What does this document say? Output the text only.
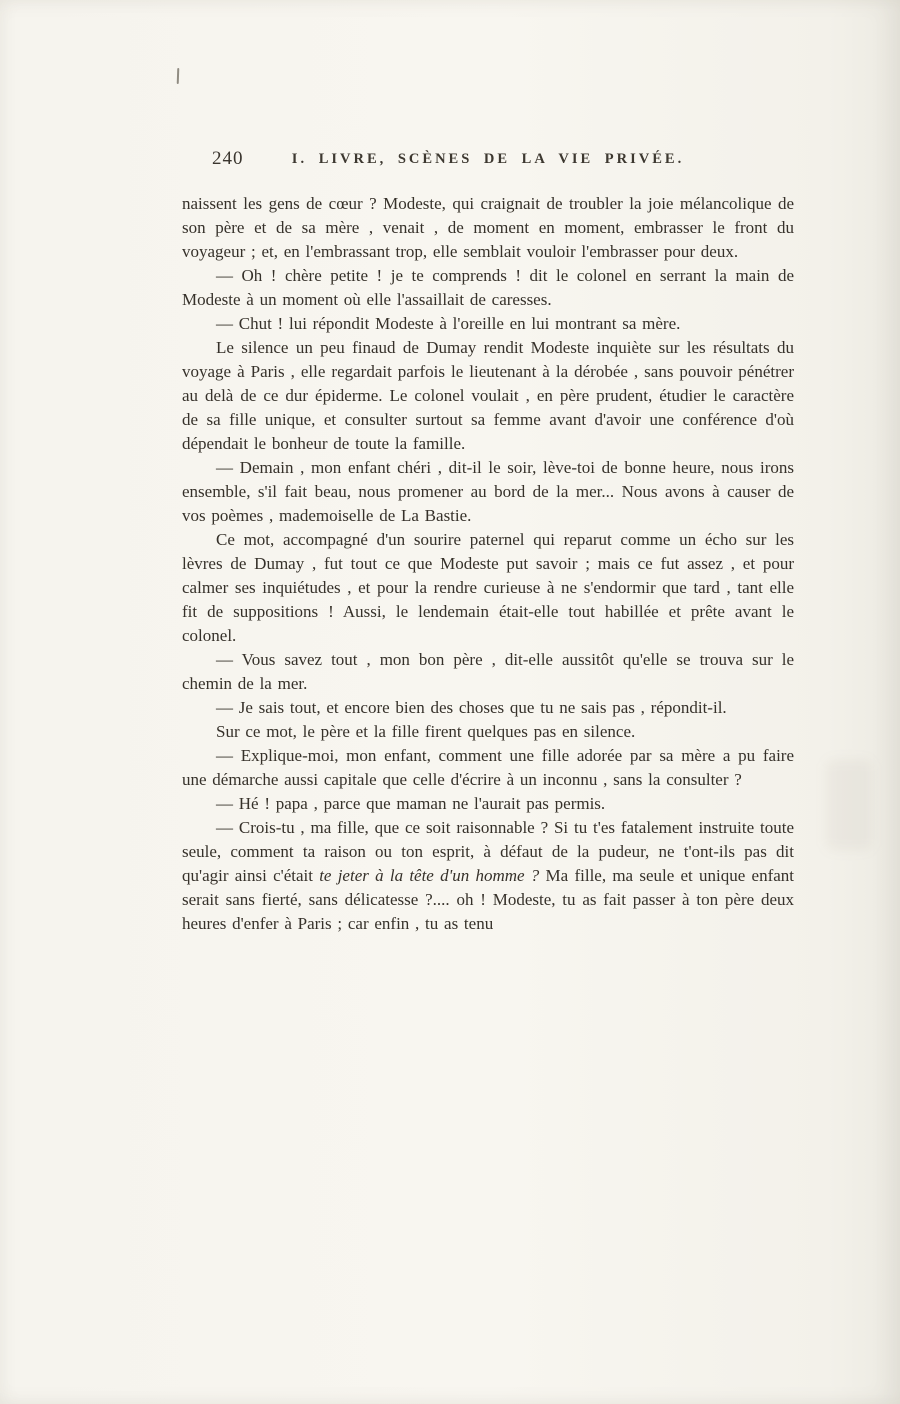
240	I. LIVRE, SCÈNES DE LA VIE PRIVÉE.

naissent les gens de cœur ? Modeste, qui craignait de troubler la joie mélancolique de son père et de sa mère , venait , de moment en moment, embrasser le front du voyageur ; et, en l'embrassant trop, elle semblait vouloir l'embrasser pour deux.

— Oh ! chère petite ! je te comprends ! dit le colonel en serrant la main de Modeste à un moment où elle l'assaillait de caresses.

— Chut ! lui répondit Modeste à l'oreille en lui montrant sa mère.

Le silence un peu finaud de Dumay rendit Modeste inquiète sur les résultats du voyage à Paris , elle regardait parfois le lieutenant à la dérobée , sans pouvoir pénétrer au delà de ce dur épiderme. Le colonel voulait , en père prudent, étudier le caractère de sa fille unique, et consulter surtout sa femme avant d'avoir une conférence d'où dépendait le bonheur de toute la famille.

— Demain , mon enfant chéri , dit-il le soir, lève-toi de bonne heure, nous irons ensemble, s'il fait beau, nous promener au bord de la mer... Nous avons à causer de vos poèmes , mademoiselle de La Bastie.

Ce mot, accompagné d'un sourire paternel qui reparut comme un écho sur les lèvres de Dumay , fut tout ce que Modeste put savoir ; mais ce fut assez , et pour calmer ses inquiétudes , et pour la rendre curieuse à ne s'endormir que tard , tant elle fit de suppositions ! Aussi, le lendemain était-elle tout habillée et prête avant le colonel.

— Vous savez tout , mon bon père , dit-elle aussitôt qu'elle se trouva sur le chemin de la mer.

— Je sais tout, et encore bien des choses que tu ne sais pas , répondit-il.

Sur ce mot, le père et la fille firent quelques pas en silence.

— Explique-moi, mon enfant, comment une fille adorée par sa mère a pu faire une démarche aussi capitale que celle d'écrire à un inconnu , sans la consulter ?

— Hé ! papa , parce que maman ne l'aurait pas permis.

— Crois-tu , ma fille, que ce soit raisonnable ? Si tu t'es fatalement instruite toute seule, comment ta raison ou ton esprit, à défaut de la pudeur, ne t'ont-ils pas dit qu'agir ainsi c'était te jeter à la tête d'un homme ? Ma fille, ma seule et unique enfant serait sans fierté, sans délicatesse ?.... oh ! Modeste, tu as fait passer à ton père deux heures d'enfer à Paris ; car enfin , tu as tenu
